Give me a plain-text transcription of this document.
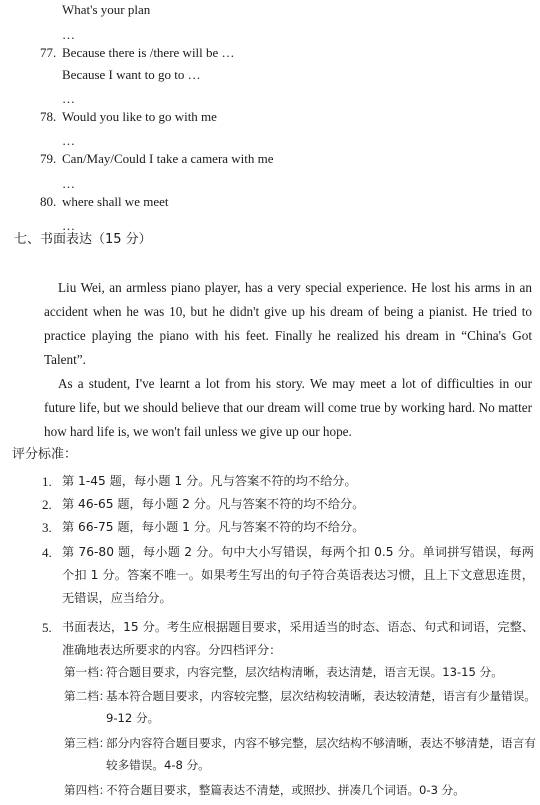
What's your plan
…
77. Because there is /there will be …
Because I want to go to …
…
78. Would you like to go with me
…
79. Can/May/Could I take a camera with me
…
80. where shall we meet
…
七、书面表达（15 分）
Liu Wei, an armless piano player, has a very special experience. He lost his arms in an accident when he was 10, but he didn't give up his dream of being a pianist. He tried to practice playing the piano with his feet. Finally he realized his dream in “China's Got Talent”.
As a student, I've learnt a lot from his story. We may meet a lot of difficulties in our future life, but we should believe that our dream will come true by working hard. No matter how hard life is, we won't fail unless we give up our hope.
评分标准：
1. 第 1-45 题，每小题 1 分。凡与答案不符的均不给分。
2. 第 46-65 题，每小题 2 分。凡与答案不符的均不给分。
3. 第 66-75 题，每小题 1 分。凡与答案不符的均不给分。
4. 第 76-80 题，每小题 2 分。句中大小写错误，每两个扣 0.5 分。单词拼写错误，每两个扣 1 分。答案不唯一。如果考生写出的句子符合英语表达习惯，且上下文意思连贯，无错误，应当给分。
5. 书面表达，15 分。考生应根据题目要求，采用适当的时态、语态、句式和词语，完整、准确地表达所要求的内容。分四档评分：
第一档：
符合题目要求，内容完整，层次结构清晰，表达清楚，语言无误。13-15 分。
第二档：
基本符合题目要求，内容较完整，层次结构较清晰，表达较清楚，语言有少量错误。9-12 分。
第三档：
部分内容符合题目要求，内容不够完整，层次结构不够清晰，表达不够清楚，语言有较多错误。4-8 分。
第四档：
不符合题目要求，整篇表达不清楚，或照抄、拼凑几个词语。0-3 分。
